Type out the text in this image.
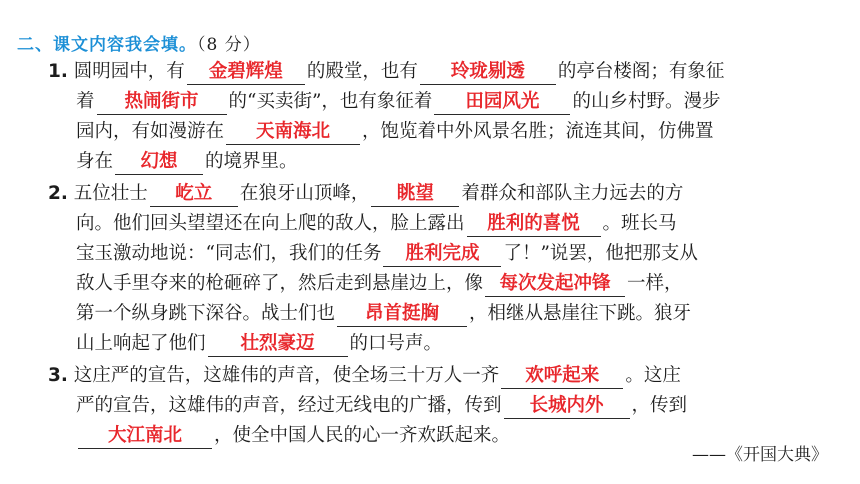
二、课文内容我会填。（8 分）
1. 圆明园中，有 金碧辉煌 的殿堂，也有 玲珑剔透 的亭台楼阁；有象征
着 热闹街市 的“买卖街”，也有象征着 田园风光 的山乡村野。漫步
园内，有如漫游在 天南海北 ，饱览着中外风景名胜；流连其间，仿佛置
身在 幻想 的境界里。
2. 五位壮士 屹立 在狼牙山顶峰， 眺望 着群众和部队主力远去的方
向。他们回头望望还在向上爬的敌人，脸上露出 胜利的喜悦 。班长马
宝玉激动地说：“同志们，我们的任务 胜利完成 了！”说罢，他把那支从
敌人手里夺来的枪砸碎了，然后走到悬崖边上，像 每次发起冲锋 一样，
第一个纵身跳下深谷。战士们也 昂首挺胸 ，相继从悬崖往下跳。狼牙
山上响起了他们 壮烈豪迈 的口号声。
3. 这庄严的宣告，这雄伟的声音，使全场三十万人一齐 欢呼起来 。这庄
严的宣告，这雄伟的声音，经过无线电的广播，传到 长城内外 ，传到
大江南北 ，使全中国人民的心一齐欢跃起来。
——《开国大典》
